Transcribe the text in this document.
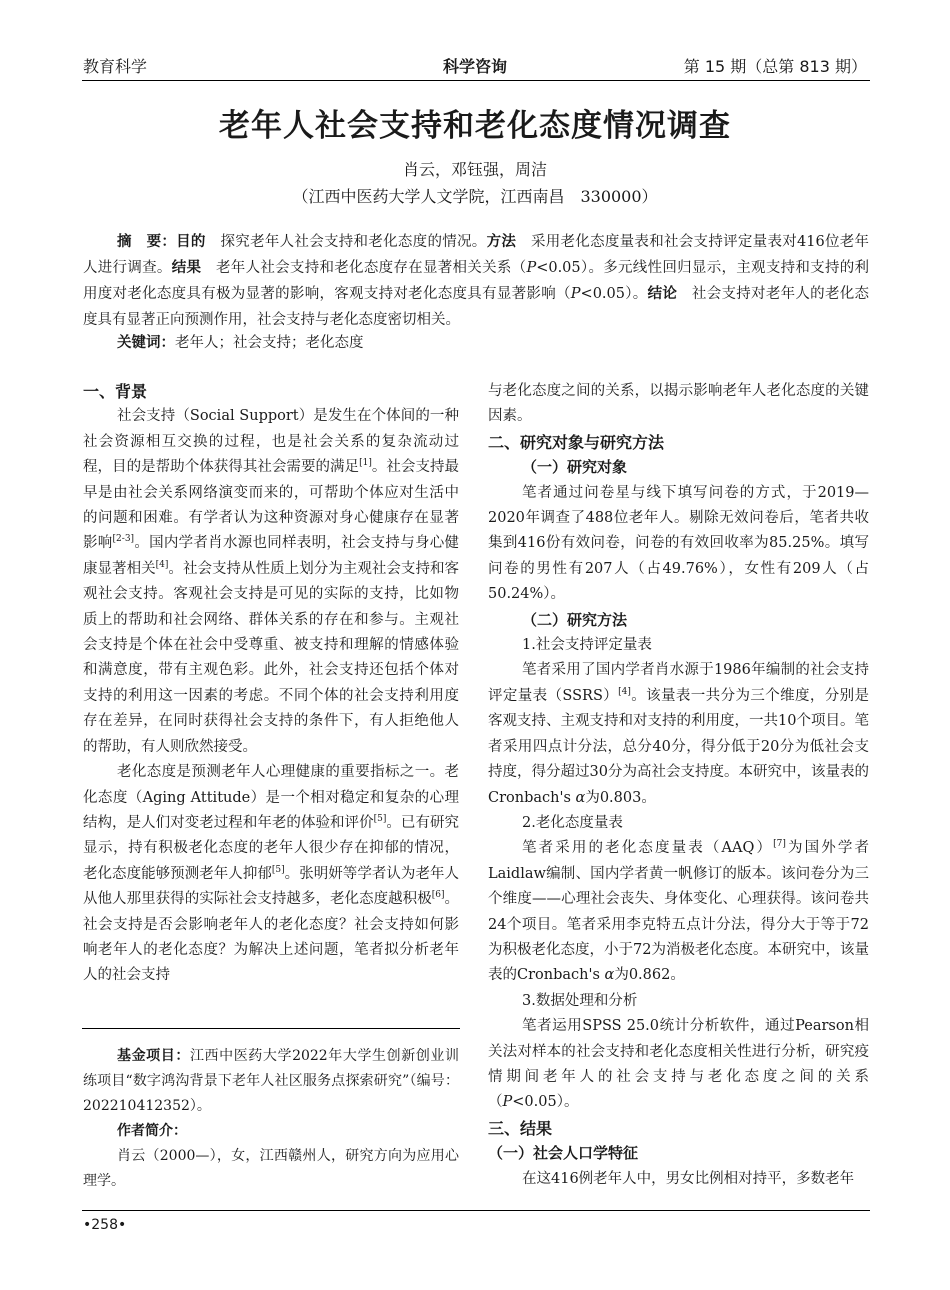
教育科学	科学咨询	第 15 期（总第 813 期）
老年人社会支持和老化态度情况调查
肖云，邓钰强，周洁
（江西中医药大学人文学院，江西南昌　330000）
摘　要：目的　探究老年人社会支持和老化态度的情况。方法　采用老化态度量表和社会支持评定量表对416位老年人进行调查。结果　老年人社会支持和老化态度存在显著相关关系（P<0.05）。多元线性回归显示，主观支持和支持的利用度对老化态度具有极为显著的影响，客观支持对老化态度具有显著影响（P<0.05）。结论　社会支持对老年人的老化态度具有显著正向预测作用，社会支持与老化态度密切相关。
关键词：老年人；社会支持；老化态度

一、背景

社会支持（Social Support）是发生在个体间的一种社会资源相互交换的过程，也是社会关系的复杂流动过程，目的是帮助个体获得其社会需要的满足[1]。社会支持最早是由社会关系网络演变而来的，可帮助个体应对生活中的问题和困难。有学者认为这种资源对身心健康存在显著影响[2-3]。国内学者肖水源也同样表明，社会支持与身心健康显著相关[4]。社会支持从性质上划分为主观社会支持和客观社会支持。客观社会支持是可见的实际的支持，比如物质上的帮助和社会网络、群体关系的存在和参与。主观社会支持是个体在社会中受尊重、被支持和理解的情感体验和满意度，带有主观色彩。此外，社会支持还包括个体对支持的利用这一因素的考虑。不同个体的社会支持利用度存在差异，在同时获得社会支持的条件下，有人拒绝他人的帮助，有人则欣然接受。

老化态度是预测老年人心理健康的重要指标之一。老化态度（Aging Attitude）是一个相对稳定和复杂的心理结构，是人们对变老过程和年老的体验和评价[5]。已有研究显示，持有积极老化态度的老年人很少存在抑郁的情况，老化态度能够预测老年人抑郁[5]。张明妍等学者认为老年人从他人那里获得的实际社会支持越多，老化态度越积极[6]。社会支持是否会影响老年人的老化态度？社会支持如何影响老年人的老化态度？为解决上述问题，笔者拟分析老年人的社会支持

基金项目：江西中医药大学2022年大学生创新创业训练项目“数字鸿沟背景下老年人社区服务点探索研究”（编号：202210412352）。

作者简介：

肖云（2000—），女，江西赣州人，研究方向为应用心理学。

与老化态度之间的关系，以揭示影响老年人老化态度的关键因素。

二、研究对象与研究方法

（一）研究对象

笔者通过问卷星与线下填写问卷的方式，于2019—2020年调查了488位老年人。剔除无效问卷后，笔者共收集到416份有效问卷，问卷的有效回收率为85.25%。填写问卷的男性有207人（占49.76%），女性有209人（占50.24%）。

（二）研究方法

1.社会支持评定量表

笔者采用了国内学者肖水源于1986年编制的社会支持评定量表（SSRS）[4]。该量表一共分为三个维度，分别是客观支持、主观支持和对支持的利用度，一共10个项目。笔者采用四点计分法，总分40分，得分低于20分为低社会支持度，得分超过30分为高社会支持度。本研究中，该量表的Cronbach's α为0.803。

2.老化态度量表

笔者采用的老化态度量表（AAQ）[7]为国外学者Laidlaw编制、国内学者黄一帆修订的版本。该问卷分为三个维度——心理社会丧失、身体变化、心理获得。该问卷共24个项目。笔者采用李克特五点计分法，得分大于等于72为积极老化态度，小于72为消极老化态度。本研究中，该量表的Cronbach's α为0.862。

3.数据处理和分析

笔者运用SPSS 25.0统计分析软件，通过Pearson相关法对样本的社会支持和老化态度相关性进行分析，研究疫情期间老年人的社会支持与老化态度之间的关系（P<0.05）。

三、结果

（一）社会人口学特征

在这416例老年人中，男女比例相对持平，多数老年

•258•
